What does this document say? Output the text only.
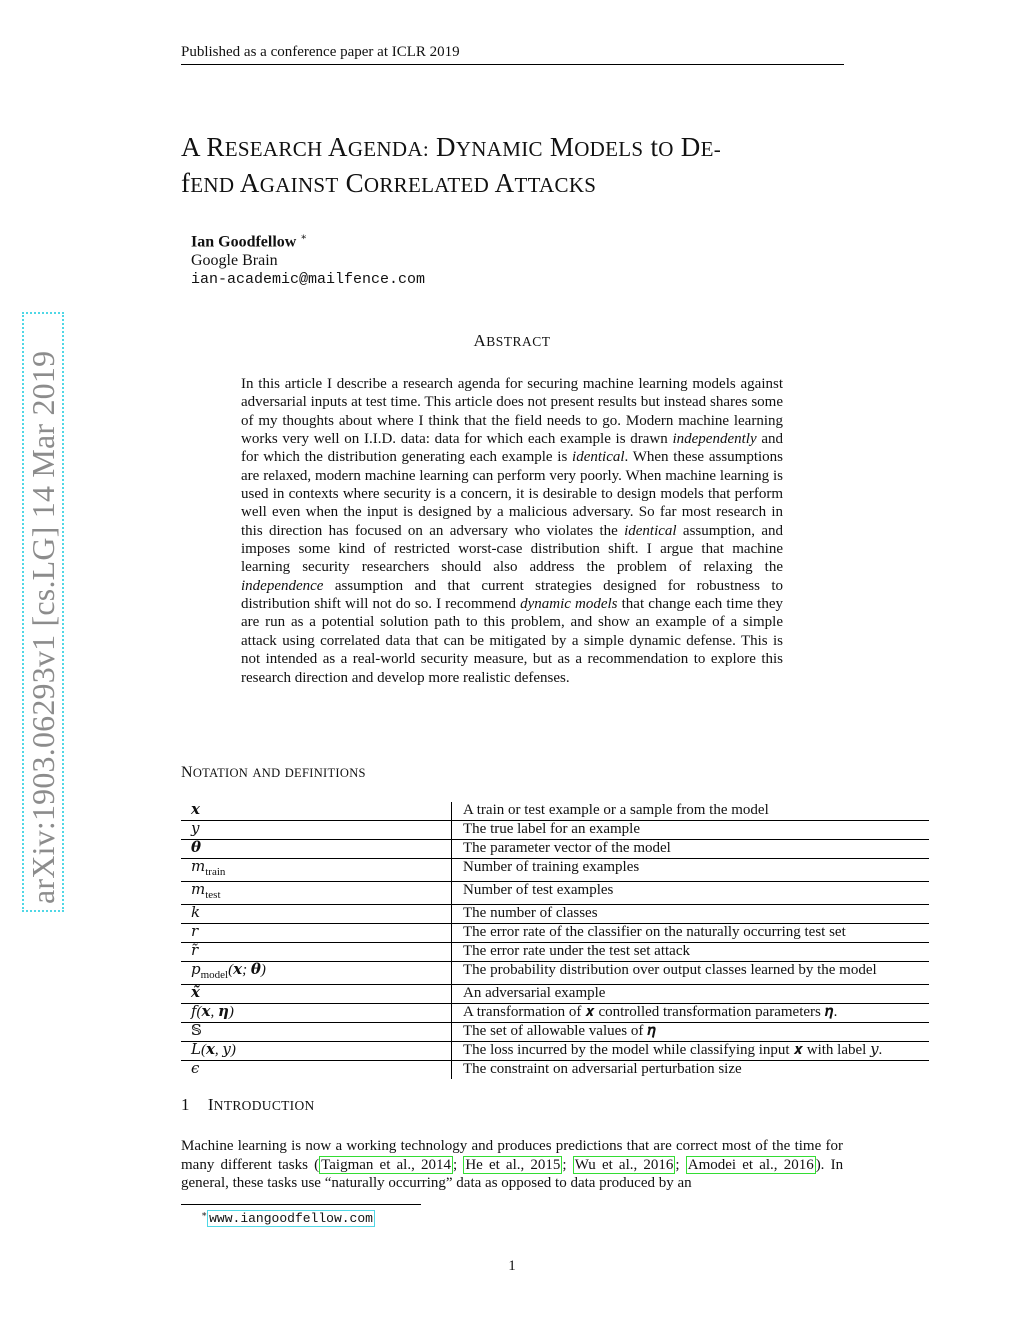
Published as a conference paper at ICLR 2019
A RESEARCH AGENDA: DYNAMIC MODELS tO DE-
fEND AGAINST CORRELATED ATTACKS
Ian Goodfellow ∗
Google Brain
ian-academic@mailfence.com
arXiv:1903.06293v1 [cs.LG] 14 Mar 2019
ABSTRACT
In this article I describe a research agenda for securing machine learning models against adversarial inputs at test time. This article does not present results but instead shares some of my thoughts about where I think that the field needs to go. Modern machine learning works very well on I.I.D. data: data for which each example is drawn independently and for which the distribution generating each example is identical. When these assumptions are relaxed, modern machine learning can perform very poorly. When machine learning is used in contexts where security is a concern, it is desirable to design models that perform well even when the input is designed by a malicious adversary. So far most research in this direction has focused on an adversary who violates the identical assumption, and imposes some kind of restricted worst-case distribution shift. I argue that machine learning security researchers should also address the problem of relaxing the independence assumption and that current strategies designed for robustness to distribution shift will not do so. I recommend dynamic models that change each time they are run as a potential solution path to this problem, and show an example of a simple attack using correlated data that can be mitigated by a simple dynamic defense. This is not intended as a real-world security measure, but as a recommendation to explore this research direction and develop more realistic defenses.
NOTATION AND DEFINITIONS
𝒙	A train or test example or a sample from the model
𝑦	The true label for an example
𝜽	The parameter vector of the model
𝑚$_{train}$	Number of training examples
𝑚$_{test}$	Number of test examples
𝑘	The number of classes
𝑟	The error rate of the classifier on the naturally occurring test set
𝑟̃	The error rate under the test set attack
𝑝$_{model}$(𝒙; 𝜽)	The probability distribution over output classes learned by the model
𝒙̃	An adversarial example
𝑓(𝒙, 𝜼)	A transformation of 𝒙 controlled transformation parameters 𝜼.
𝕊	The set of allowable values of 𝜼
𝐿(𝒙, 𝑦)	The loss incurred by the model while classifying input 𝒙 with label 𝑦.
𝜖	The constraint on adversarial perturbation size
1 INTRODUCTION
Machine learning is now a working technology and produces predictions that are correct most of the time for many different tasks ( Taigman et al., 2014 ; He et al., 2015 ; Wu et al., 2016 ; Amodei et al., 2016 ). In general, these tasks use “naturally occurring” data as opposed to data produced by an
∗ www.iangoodfellow.com
1
